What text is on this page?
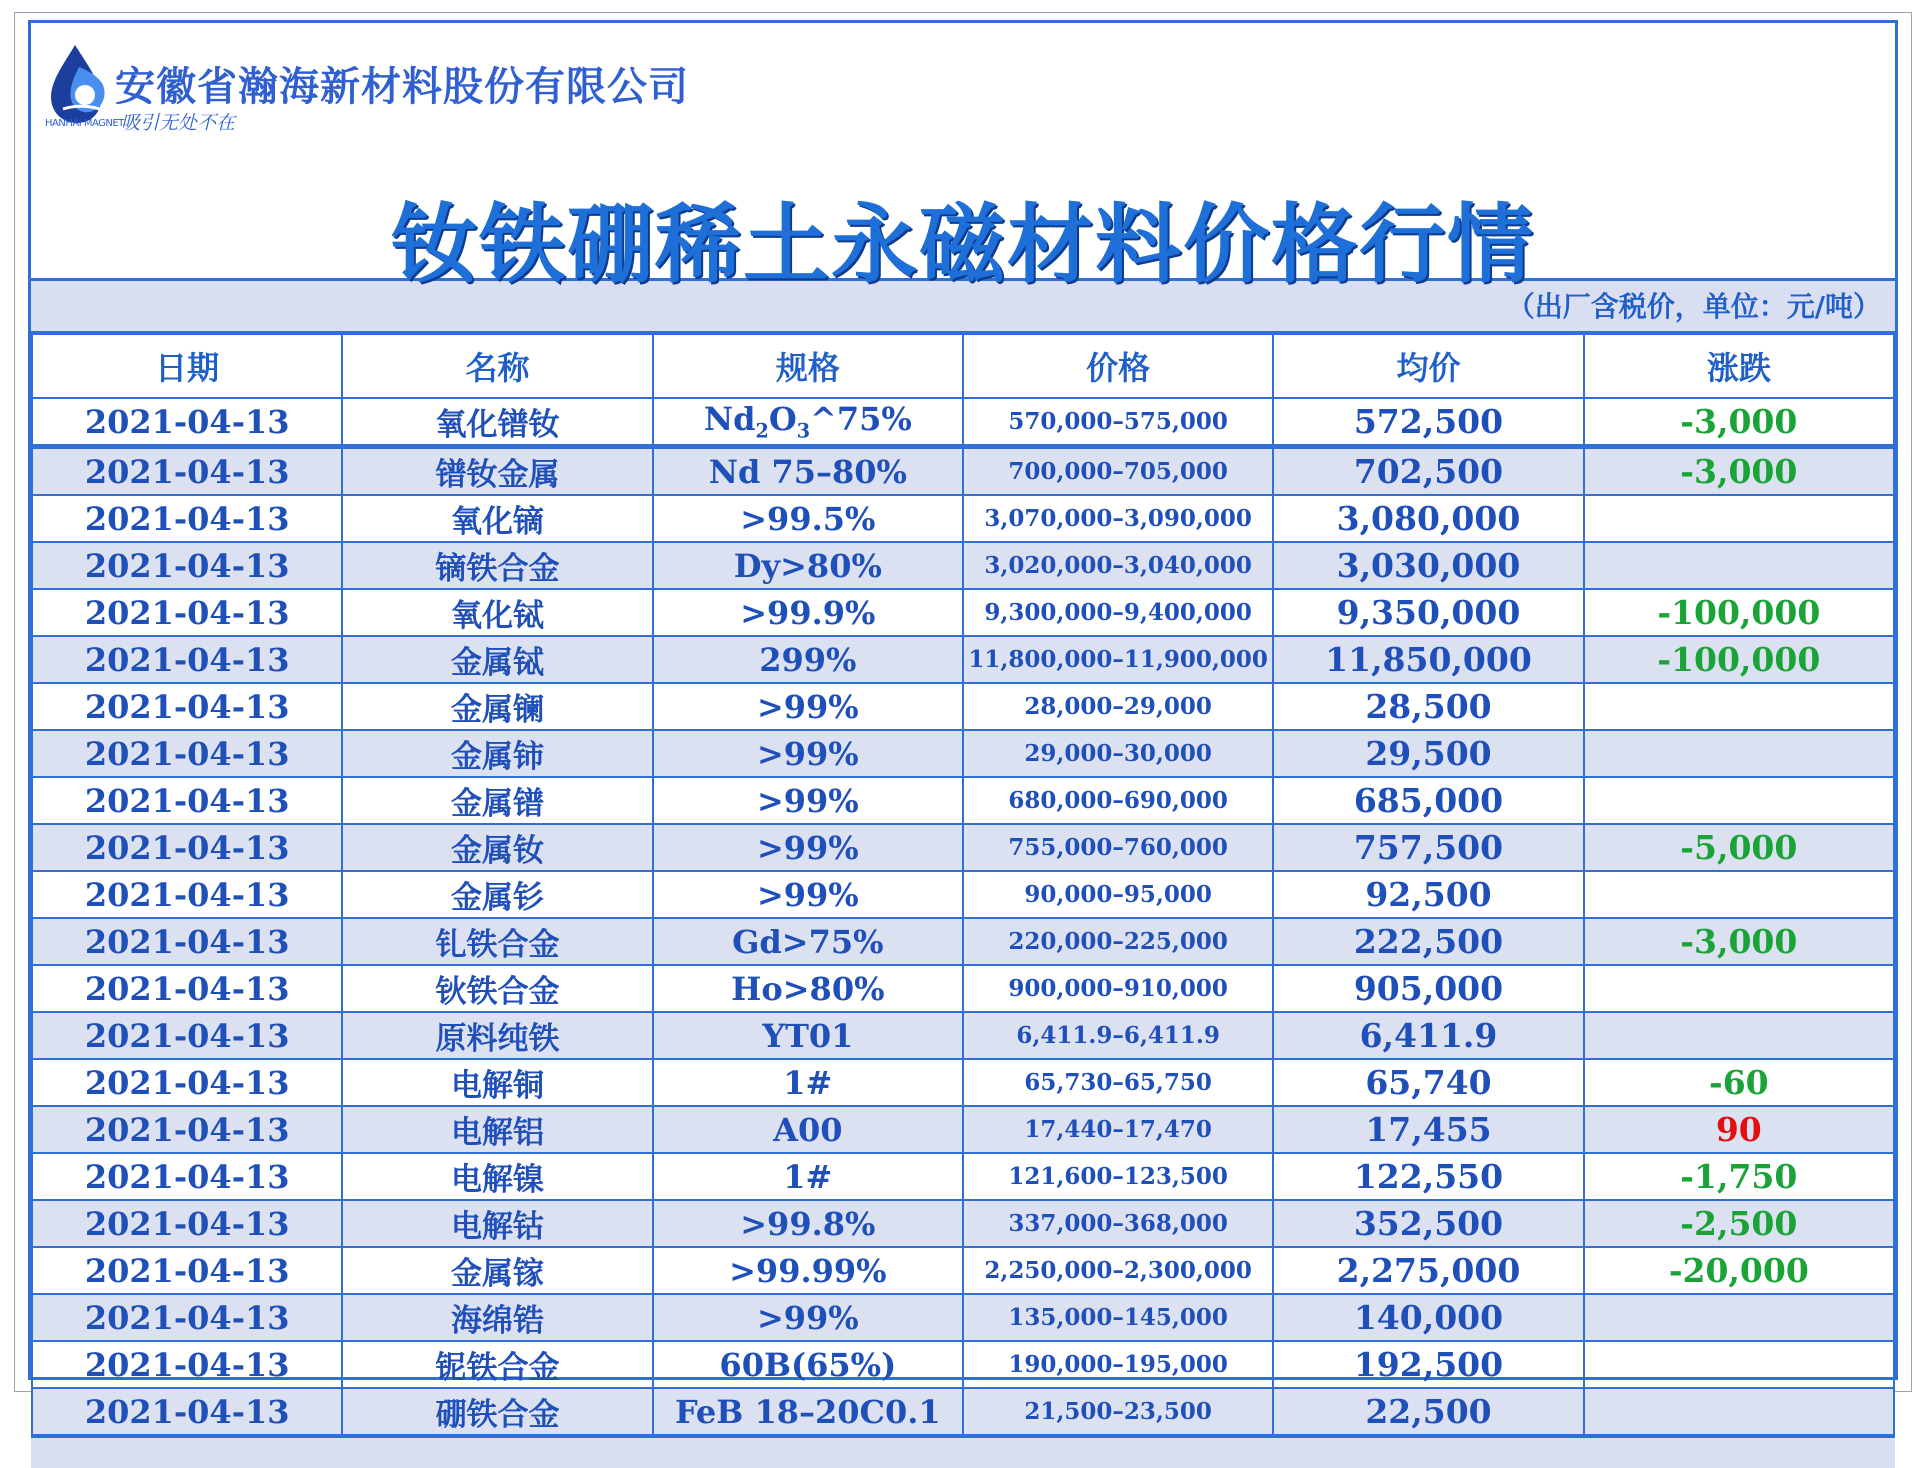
HANHAI MAGNET
安徽省瀚海新材料股份有限公司
吸引无处不在
钕铁硼稀土永磁材料价格行情
（出厂含税价，单位：元/吨）
日期	名称	规格	价格	均价	涨跌
2021-04-13	氧化镨钕	$Nd_2O_3\^{}75\%$	570,000–575,000	572,500	-3,000
2021-04-13	镨钕金属	Nd 75–80%	700,000–705,000	702,500	-3,000
2021-04-13	氧化镝	>99.5%	3,070,000–3,090,000	3,080,000	
2021-04-13	镝铁合金	Dy>80%	3,020,000–3,040,000	3,030,000	
2021-04-13	氧化铽	>99.9%	9,300,000–9,400,000	9,350,000	-100,000
2021-04-13	金属铽	299%	11,800,000–11,900,000	11,850,000	-100,000
2021-04-13	金属镧	>99%	28,000–29,000	28,500	
2021-04-13	金属铈	>99%	29,000–30,000	29,500	
2021-04-13	金属镨	>99%	680,000–690,000	685,000	
2021-04-13	金属钕	>99%	755,000–760,000	757,500	-5,000
2021-04-13	金属钐	>99%	90,000–95,000	92,500	
2021-04-13	钆铁合金	Gd>75%	220,000–225,000	222,500	-3,000
2021-04-13	钬铁合金	Ho>80%	900,000–910,000	905,000	
2021-04-13	原料纯铁	YT01	6,411.9–6,411.9	6,411.9	
2021-04-13	电解铜	1#	65,730–65,750	65,740	-60
2021-04-13	电解铝	A00	17,440–17,470	17,455	90
2021-04-13	电解镍	1#	121,600–123,500	122,550	-1,750
2021-04-13	电解钴	>99.8%	337,000–368,000	352,500	-2,500
2021-04-13	金属镓	>99.99%	2,250,000–2,300,000	2,275,000	-20,000
2021-04-13	海绵锆	>99%	135,000–145,000	140,000	
2021-04-13	铌铁合金	60B(65%)	190,000–195,000	192,500	
2021-04-13	硼铁合金	FeB 18–20C0.1	21,500–23,500	22,500	
